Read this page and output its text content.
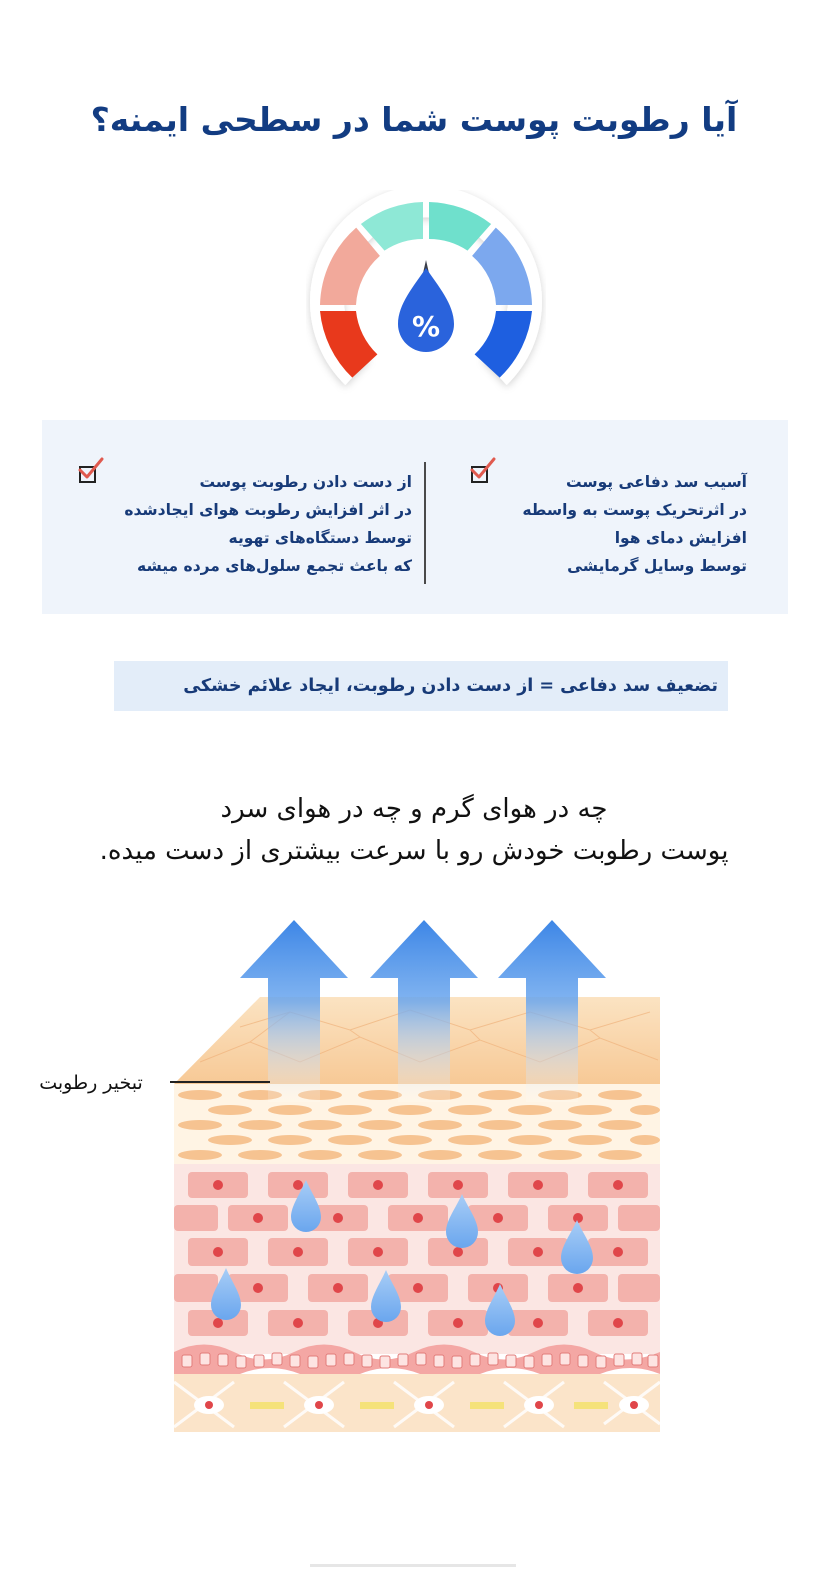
آیا رطوبت پوست شما در سطحی ایمنه؟
%
آسیب سد دفاعی پوست
در اثرتحریک پوست به واسطه
افزایش دمای هوا
توسط وسایل گرمایشی
از دست دادن رطوبت پوست
در اثر افزایش رطوبت هوای ایجادشده
توسط دستگاه‌های تهویه
که باعث تجمع سلول‌های مرده میشه
تضعیف سد دفاعی = از دست دادن رطوبت، ایجاد علائم خشکی
چه در هوای گرم و چه در هوای سرد
پوست رطوبت خودش رو با سرعت بیشتری از دست میده.
تبخیر رطوبت
